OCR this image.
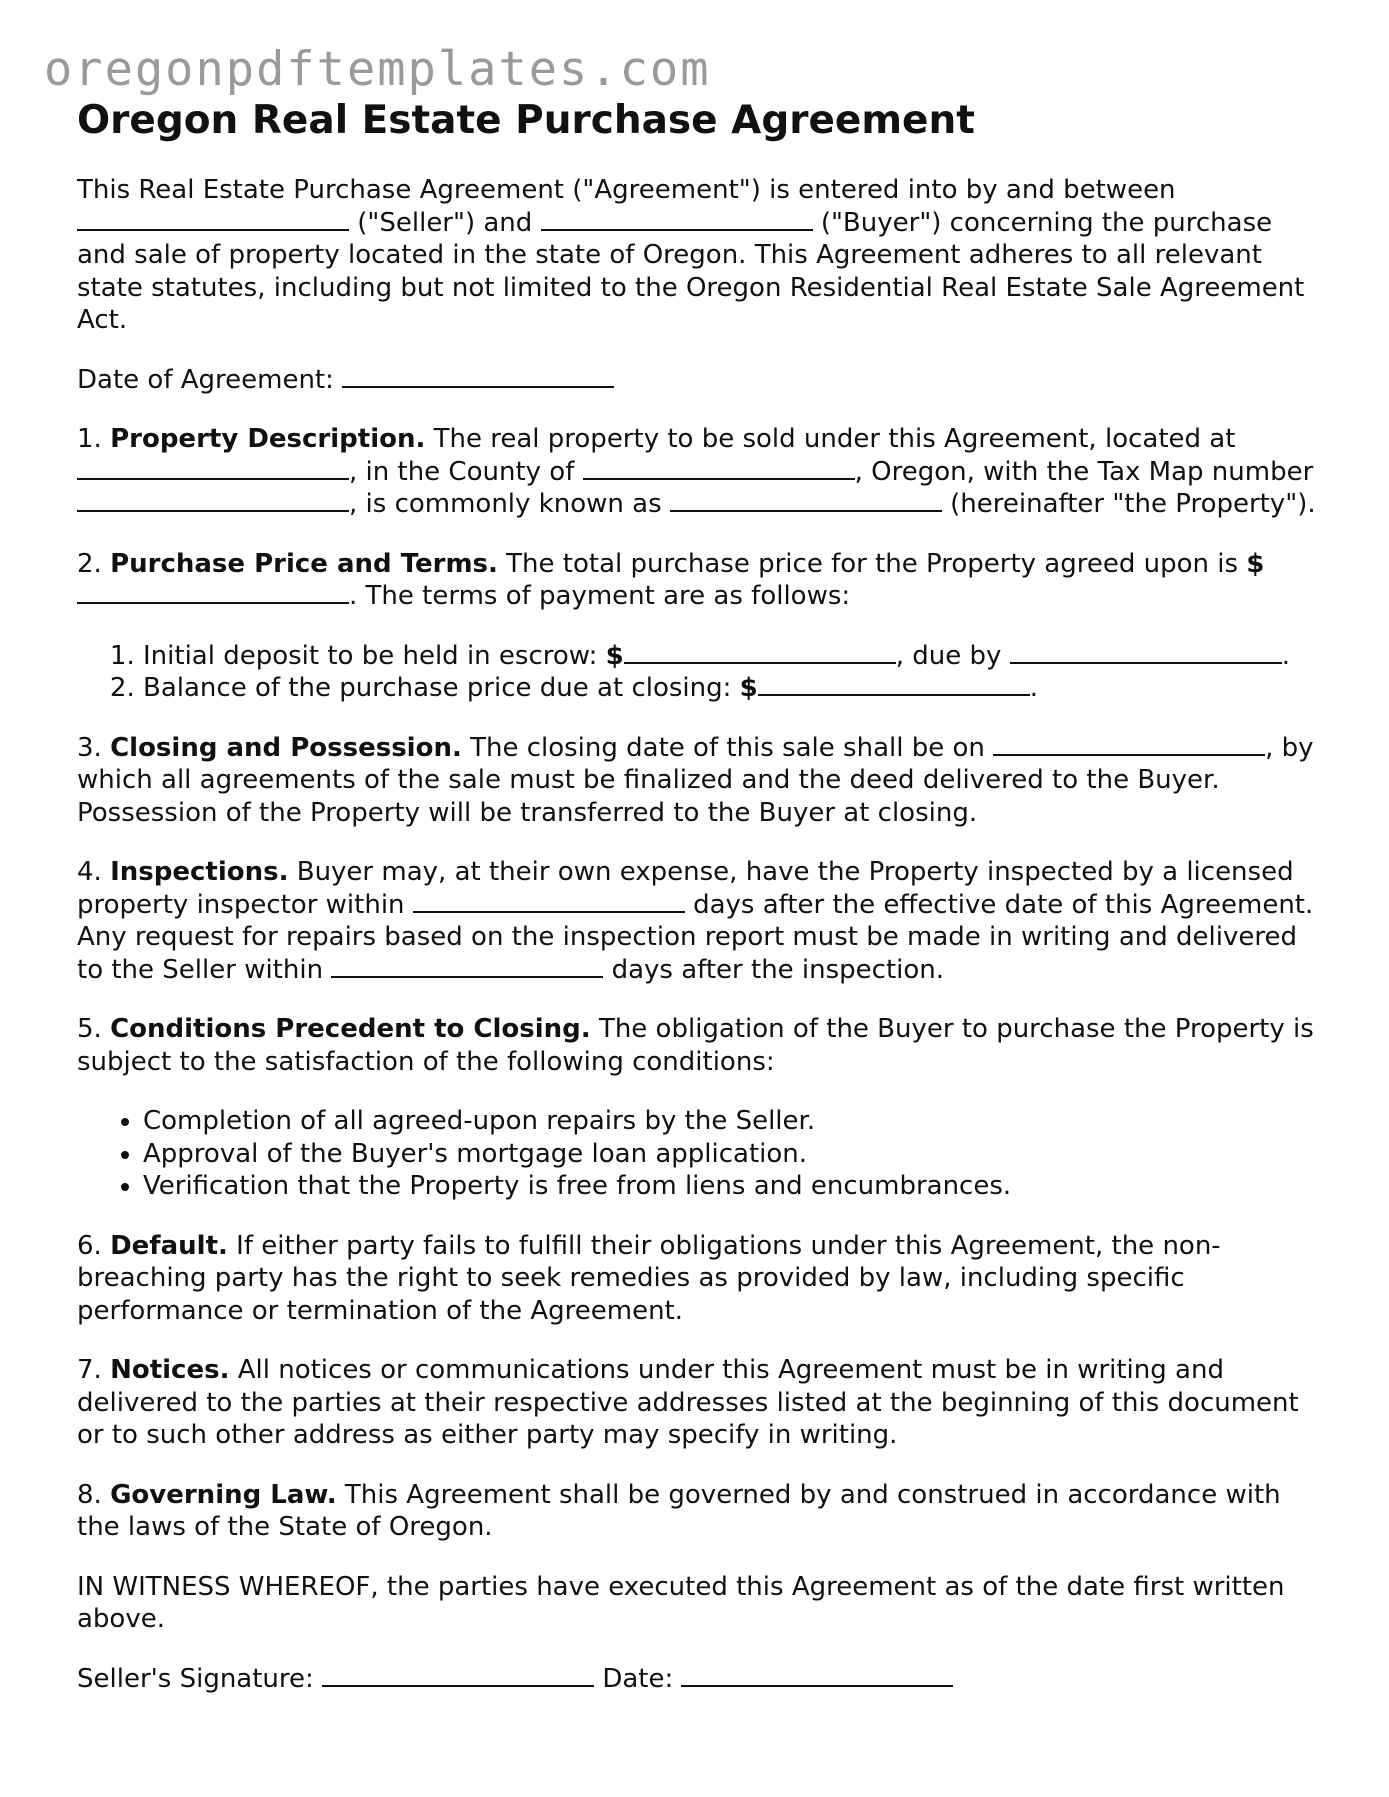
oregonpdftemplates.com
Oregon Real Estate Purchase Agreement

This Real Estate Purchase Agreement ("Agreement") is entered into by and between  ("Seller") and	("Buyer") concerning the purchase and sale of property located in the state of Oregon. This Agreement adheres to all relevant state statutes, including but not limited to the Oregon Residential Real Estate Sale Agreement Act.

Date of Agreement:

1. Property Description. The real property to be sold under this Agreement, located at , in the County of	, Oregon, with the Tax Map number , is commonly known as	(hereinafter "the Property").

2. Purchase Price and Terms. The total purchase price for the Property agreed upon is $. The terms of payment are as follows:

1. Initial deposit to be held in escrow: $	, due by	.
2. Balance of the purchase price due at closing: $	.

3. Closing and Possession. The closing date of this sale shall be on	, by which all agreements of the sale must be finalized and the deed delivered to the Buyer. Possession of the Property will be transferred to the Buyer at closing.

4. Inspections. Buyer may, at their own expense, have the Property inspected by a licensed property inspector within	days after the effective date of this Agreement. Any request for repairs based on the inspection report must be made in writing and delivered to the Seller within	days after the inspection.

5. Conditions Precedent to Closing. The obligation of the Buyer to purchase the Property is subject to the satisfaction of the following conditions:

• Completion of all agreed-upon repairs by the Seller.
• Approval of the Buyer's mortgage loan application.
• Verification that the Property is free from liens and encumbrances.

6. Default. If either party fails to fulfill their obligations under this Agreement, the non-breaching party has the right to seek remedies as provided by law, including specific performance or termination of the Agreement.

7. Notices. All notices or communications under this Agreement must be in writing and delivered to the parties at their respective addresses listed at the beginning of this document or to such other address as either party may specify in writing.

8. Governing Law. This Agreement shall be governed by and construed in accordance with the laws of the State of Oregon.

IN WITNESS WHEREOF, the parties have executed this Agreement as of the date first written above.

Seller's Signature:	Date:
